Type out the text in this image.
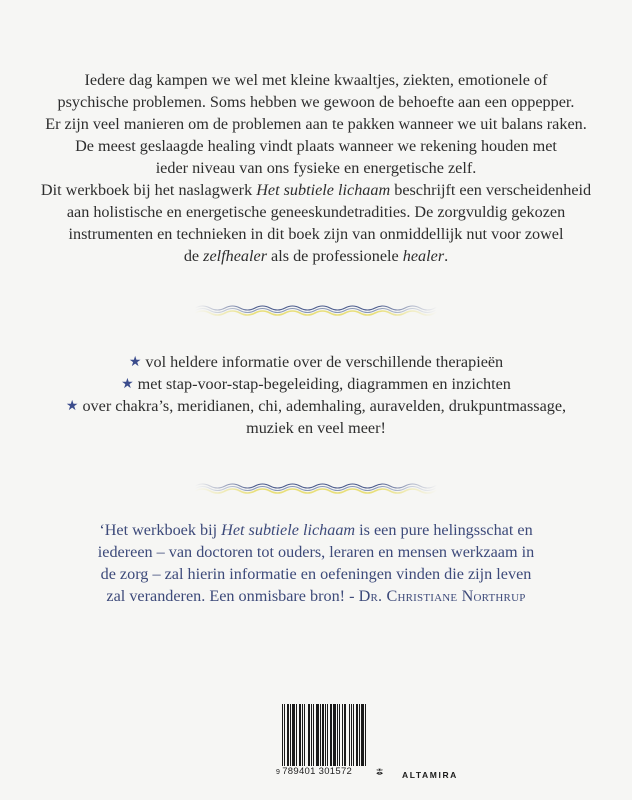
Iedere dag kampen we wel met kleine kwaaltjes, ziekten, emotionele of
psychische problemen. Soms hebben we gewoon de behoefte aan een oppepper.
Er zijn veel manieren om de problemen aan te pakken wanneer we uit balans raken.
De meest geslaagde healing vindt plaats wanneer we rekening houden met
ieder niveau van ons fysieke en energetische zelf.
Dit werkboek bij het naslagwerk Het subtiele lichaam beschrijft een verscheidenheid
aan holistische en energetische geneeskundetradities. De zorgvuldig gekozen
instrumenten en technieken in dit boek zijn van onmiddellijk nut voor zowel
de zelfhealer als de professionele healer.
★ vol heldere informatie over de verschillende therapieën
★ met stap-voor-stap-begeleiding, diagrammen en inzichten
★ over chakra’s, meridianen, chi, ademhaling, auravelden, drukpuntmassage,
muziek en veel meer!
‘Het werkboek bij Het subtiele lichaam is een pure helingsschat en
iedereen – van doctoren tot ouders, leraren en mensen werkzaam in
de zorg – zal hierin informatie en oefeningen vinden die zijn leven
zal veranderen. Een onmisbare bron! - Dr. Christiane Northrup
9 789401 301572	ALTAMIRA
